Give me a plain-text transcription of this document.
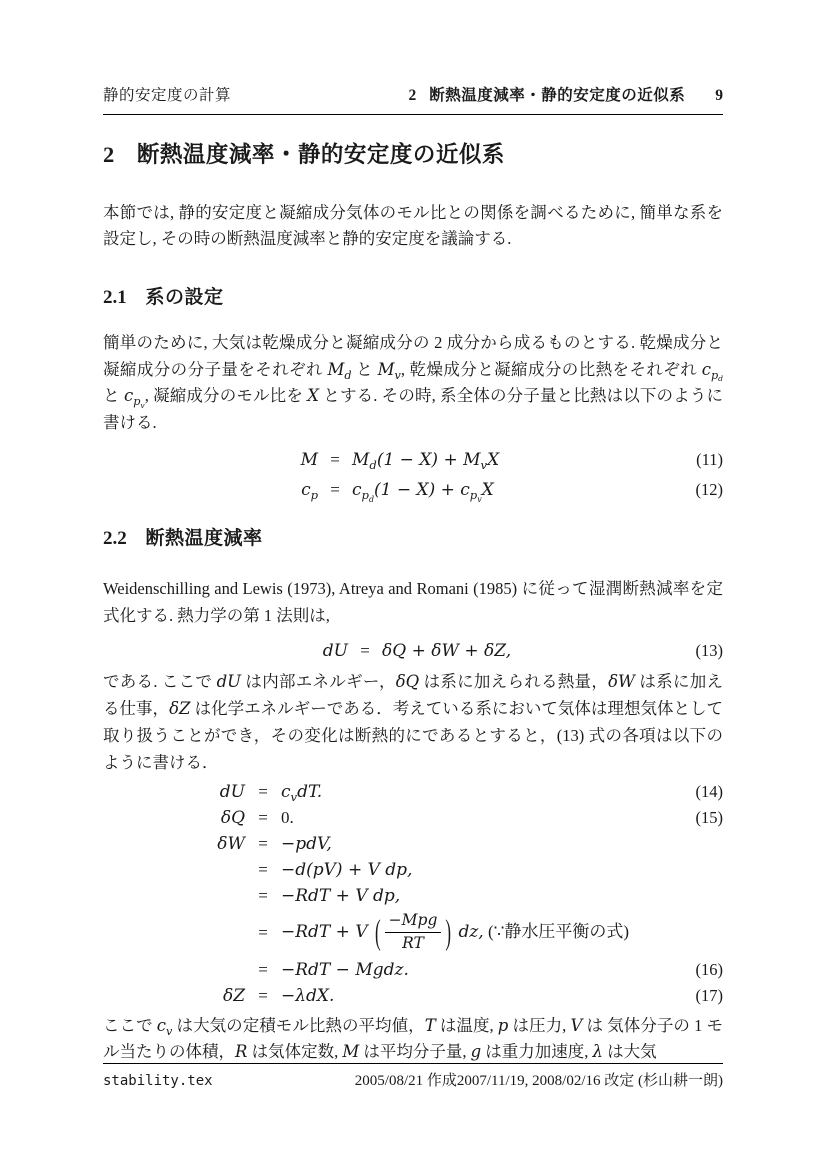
静的安定度の計算	2 断熱温度減率・静的安定度の近似系 9
2 断熱温度減率・静的安定度の近似系

本節では, 静的安定度と凝縮成分気体のモル比との関係を調べるために, 簡単な系を設定し, その時の断熱温度減率と静的安定度を議論する.

2.1 系の設定

簡単のために, 大気は乾燥成分と凝縮成分の 2 成分から成るものとする. 乾燥成分と凝縮成分の分子量をそれぞれ $M_d$ と $M_v$, 乾燥成分と凝縮成分の比熱をそれぞれ $c_{p_d}$ と $c_{p_v}$, 凝縮成分のモル比を X とする. その時, 系全体の分子量と比熱は以下のように書ける.

$M = M_d(1 - X) + M_vX$	(11)
$c_p = c_{p_d}(1 - X) + c_{p_v}X$	(12)
2.2 断熱温度減率

Weidenschilling and Lewis (1973), Atreya and Romani (1985) に従って湿潤断熱減率を定式化する. 熱力学の第 1 法則は,

dU = δQ + δW + δZ,	(13)

である. ここで dU は内部エネルギー，δQ は系に加えられる熱量，δW は系に加える仕事，δZ は化学エネルギーである．考えている系において気体は理想気体として取り扱うことができ，その変化は断熱的にであるとすると，(13) 式の各項は以下のように書ける．

dU = $c_vdT$.	(14)
δQ = 0.	(15)
δW = −pdV,
= −d(pV) + V dp,
= −RdT + V dp,
= −RdT + V ( $\frac{\text{−Mpg}}{RT}$ ) dz, (∵静水圧平衡の式)
= −RdT − Mgdz.	(16)
δZ = −λdX.	(17)

ここで $c_v$ は大気の定積モル比熱の平均値，T は温度, p は圧力, V は 気体分子の 1 モル当たりの体積，R は気体定数, M は平均分子量, g は重力加速度, λ は大気

stability.tex	2005/08/21 作成2007/11/19, 2008/02/16 改定 (杉山耕一朗)
